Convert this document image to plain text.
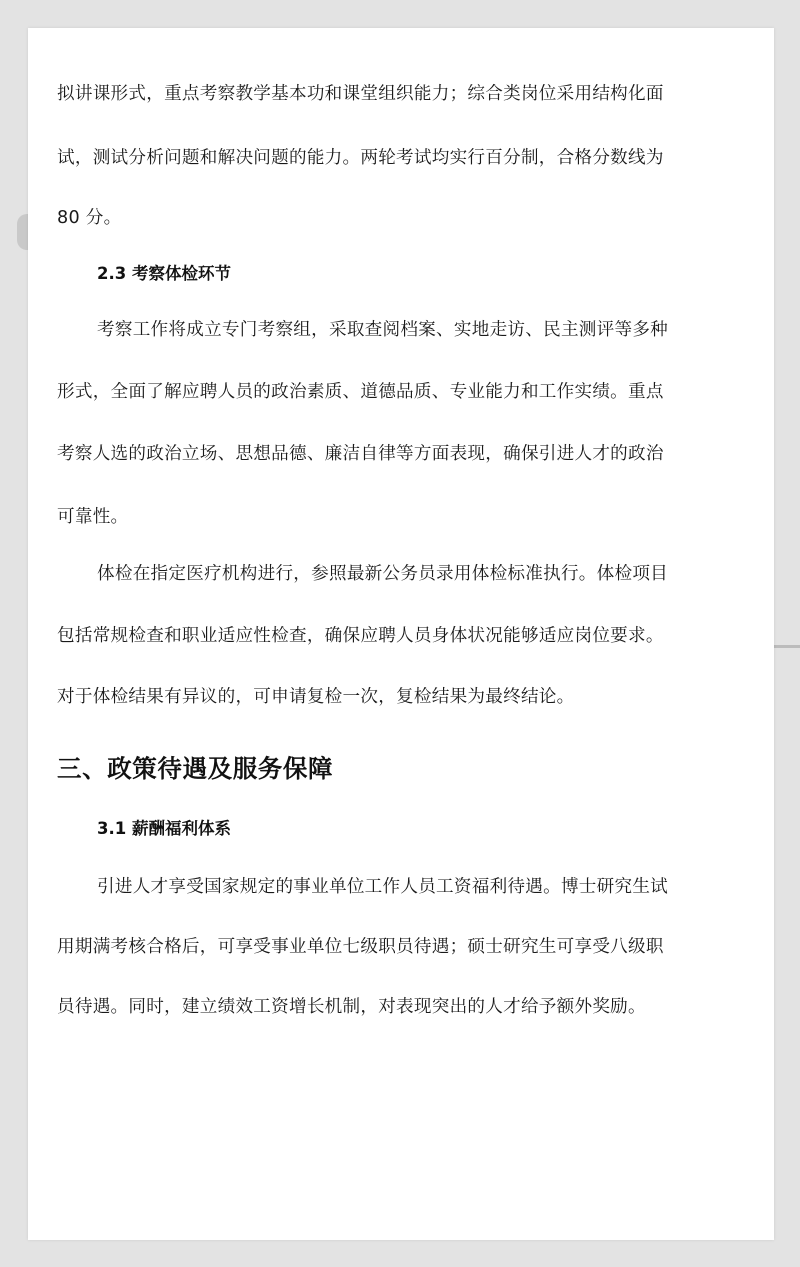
拟讲课形式，重点考察教学基本功和课堂组织能力；综合类岗位采用结构化面

试，测试分析问题和解决问题的能力。两轮考试均实行百分制，合格分数线为

80 分。

2.3 考察体检环节

考察工作将成立专门考察组，采取查阅档案、实地走访、民主测评等多种

形式，全面了解应聘人员的政治素质、道德品质、专业能力和工作实绩。重点

考察人选的政治立场、思想品德、廉洁自律等方面表现，确保引进人才的政治

可靠性。

体检在指定医疗机构进行，参照最新公务员录用体检标准执行。体检项目

包括常规检查和职业适应性检查，确保应聘人员身体状况能够适应岗位要求。

对于体检结果有异议的，可申请复检一次，复检结果为最终结论。

三、政策待遇及服务保障
3.1 薪酬福利体系

引进人才享受国家规定的事业单位工作人员工资福利待遇。博士研究生试

用期满考核合格后，可享受事业单位七级职员待遇；硕士研究生可享受八级职

员待遇。同时，建立绩效工资增长机制，对表现突出的人才给予额外奖励。
